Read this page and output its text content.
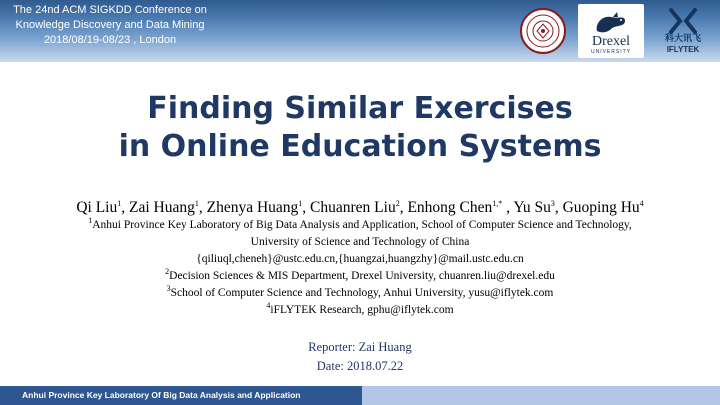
The 24nd ACM SIGKDD Conference on
Knowledge Discovery and Data Mining
2018/08/19-08/23 , London	Drexel
UNIVERSITY
科大讯飞
IFLYTEK
Finding Similar Exercises
in Online Education Systems
Qi Liu$^1$, Zai Huang$^1$, Zhenya Huang$^1$, Chuanren Liu$^2$, Enhong Chen$^{1,*}$ , Yu Su$^3$, Guoping Hu$^4$
$^1$Anhui Province Key Laboratory of Big Data Analysis and Application, School of Computer Science and Technology,
University of Science and Technology of China
{qiliuql,cheneh}@ustc.edu.cn,{huangzai,huangzhy}@mail.ustc.edu.cn
$^2$Decision Sciences & MIS Department, Drexel University, chuanren.liu@drexel.edu
$^3$School of Computer Science and Technology, Anhui University, yusu@iflytek.com
$^4$iFLYTEK Research, gphu@iflytek.com
Reporter: Zai Huang
Date: 2018.07.22
Anhui Province Key Laboratory Of Big Data Analysis and Application
